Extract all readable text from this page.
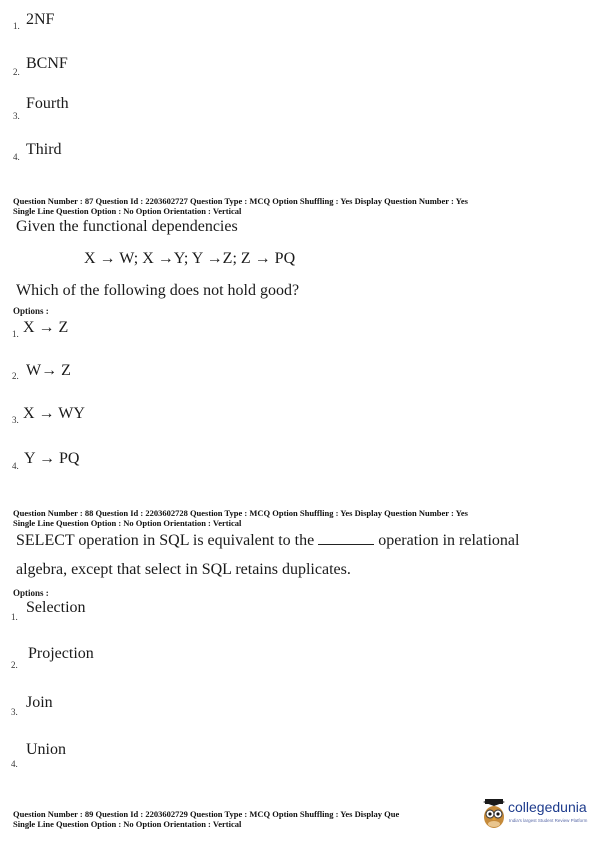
1. 2NF
2. BCNF
3.
Fourth
4. Third
Question Number : 87 Question Id : 2203602727 Question Type : MCQ Option Shuffling : Yes Display Question Number : Yes
Single Line Question Option : No Option Orientation : Vertical
Given the functional dependencies
X → W; X →Y; Y →Z; Z → PQ
Which of the following does not hold good?
Options :
1. X → Z
2. W→ Z
3. X → WY
4. Y → PQ
Question Number : 88 Question Id : 2203602728 Question Type : MCQ Option Shuffling : Yes Display Question Number : Yes
Single Line Question Option : No Option Orientation : Vertical
SELECT operation in SQL is equivalent to the	operation in relational
algebra, except that select in SQL retains duplicates.
Options :
1.
Selection
2.
Projection
3.
Join
4.
Union
Question Number : 89 Question Id : 2203602729 Question Type : MCQ Option Shuffling : Yes Display Que
Single Line Question Option : No Option Orientation : Vertical
collegedunia
India's largest Student Review Platform
